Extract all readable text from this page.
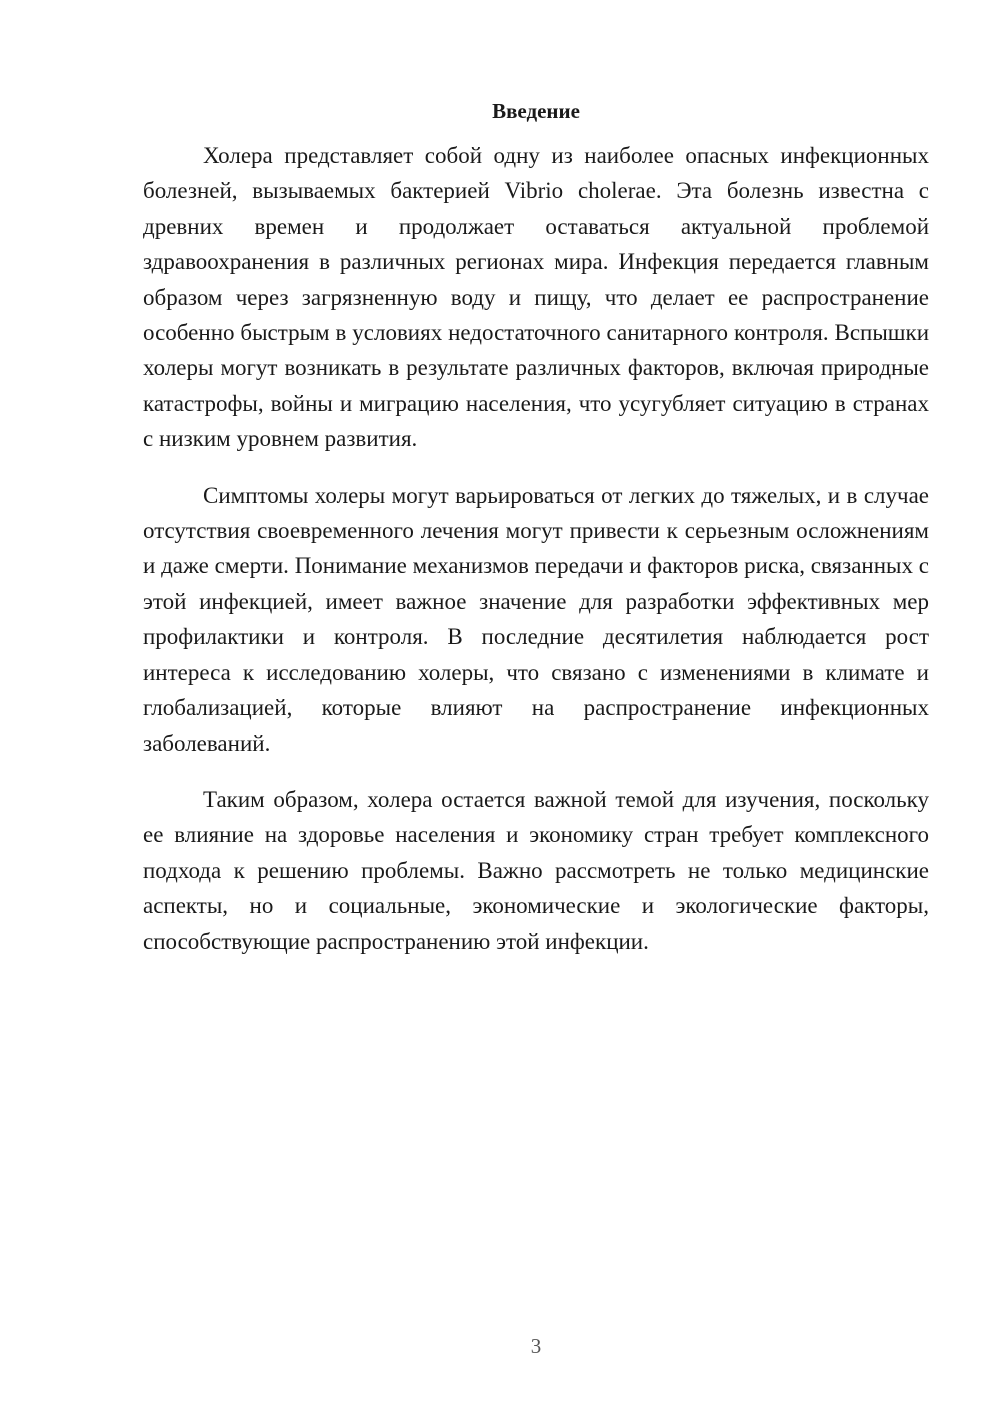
Введение

Холера представляет собой одну из наиболее опасных инфекционных болезней, вызываемых бактерией Vibrio cholerae. Эта болезнь известна с древних времен и продолжает оставаться актуальной проблемой здравоохранения в различных регионах мира. Инфекция передается главным образом через загрязненную воду и пищу, что делает ее распространение особенно быстрым в условиях недостаточного санитарного контроля. Вспышки холеры могут возникать в результате различных факторов, включая природные катастрофы, войны и миграцию населения, что усугубляет ситуацию в странах с низким уровнем развития.

Симптомы холеры могут варьироваться от легких до тяжелых, и в случае отсутствия своевременного лечения могут привести к серьезным осложнениям и даже смерти. Понимание механизмов передачи и факторов риска, связанных с этой инфекцией, имеет важное значение для разработки эффективных мер профилактики и контроля. В последние десятилетия наблюдается рост интереса к исследованию холеры, что связано с изменениями в климате и глобализацией, которые влияют на распространение инфекционных заболеваний.

Таким образом, холера остается важной темой для изучения, поскольку ее влияние на здоровье населения и экономику стран требует комплексного подхода к решению проблемы. Важно рассмотреть не только медицинские аспекты, но и социальные, экономические и экологические факторы, способствующие распространению этой инфекции.

3
